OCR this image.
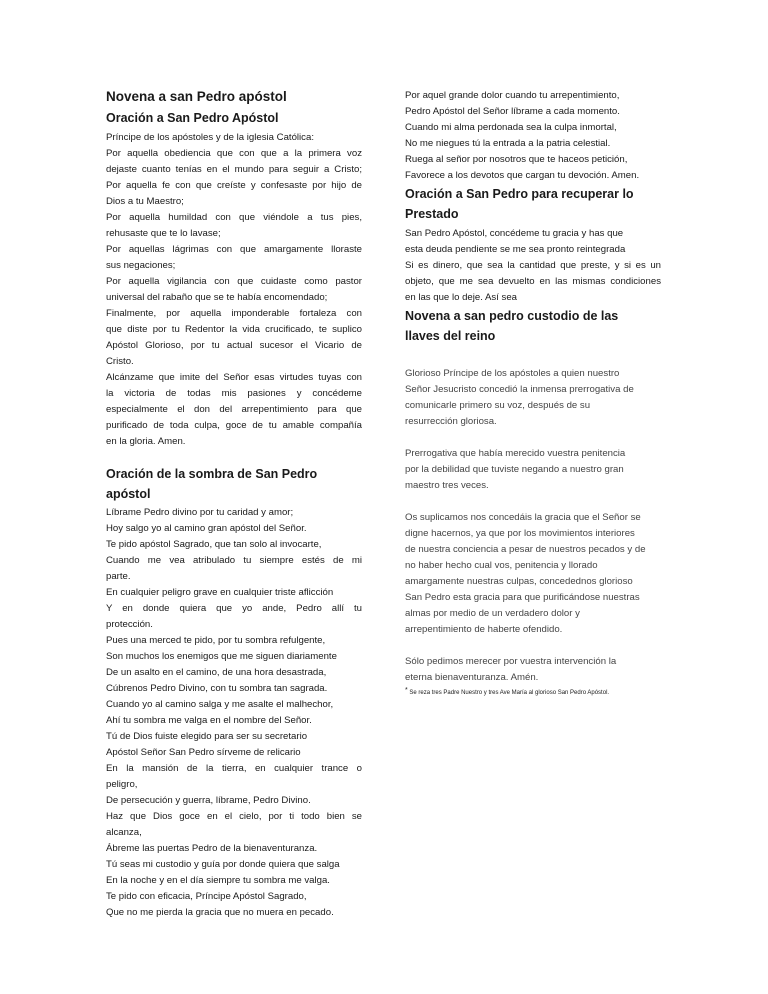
Novena a san Pedro apóstol
Oración a San Pedro Apóstol
Príncipe de los apóstoles y de la iglesia Católica:
Por aquella obediencia que con que a la primera voz
dejaste cuanto tenías en el mundo para seguir a Cristo;
Por aquella fe con que creíste y confesaste por hijo de
Dios a tu Maestro;
Por aquella humildad con que viéndole a tus pies,
rehusaste que te lo lavase;
Por aquellas lágrimas con que amargamente lloraste
sus negaciones;
Por aquella vigilancia con que cuidaste como pastor
universal del rabaño que se te había encomendado;
Finalmente, por aquella imponderable fortaleza con
que diste por tu Redentor la vida crucificado, te suplico
Apóstol Glorioso, por tu actual sucesor el Vicario de
Cristo.
Alcánzame que imite del Señor esas virtudes tuyas con
la victoria de todas mis pasiones y concédeme
especialmente el don del arrepentimiento para que
purificado de toda culpa, goce de tu amable compañía
en la gloria. Amen.
Oración de la sombra de San Pedro apóstol
Líbrame Pedro divino por tu caridad y amor;
Hoy salgo yo al camino gran apóstol del Señor.
Te pido apóstol Sagrado, que tan solo al invocarte,
Cuando me vea atribulado tu siempre estés de mi
parte.
En cualquier peligro grave en cualquier triste aflicción
Y en donde quiera que yo ande, Pedro allí tu
protección.
Pues una merced te pido, por tu sombra refulgente,
Son muchos los enemigos que me siguen diariamente
De un asalto en el camino, de una hora desastrada,
Cúbrenos Pedro Divino, con tu sombra tan sagrada.
Cuando yo al camino salga y me asalte el malhechor,
Ahí tu sombra me valga en el nombre del Señor.
Tú de Dios fuiste elegido para ser su secretario
Apóstol Señor San Pedro sírveme de relicario
En la mansión de la tierra, en cualquier trance o
peligro,
De persecución y guerra, líbrame, Pedro Divino.
Haz que Dios goce en el cielo, por ti todo bien se
alcanza,
Ábreme las puertas Pedro de la bienaventuranza.
Tú seas mi custodio y guía por donde quiera que salga
En la noche y en el día siempre tu sombra me valga.
Te pido con eficacia, Príncipe Apóstol Sagrado,
Que no me pierda la gracia que no muera en pecado.
Por aquel grande dolor cuando tu arrepentimiento,
Pedro Apóstol del Señor líbrame a cada momento.
Cuando mi alma perdonada sea la culpa inmortal,
No me niegues tú la entrada a la patria celestial.
Ruega al señor por nosotros que te haceos petición,
Favorece a los devotos que cargan tu devoción. Amen.
Oración a San Pedro para recuperar lo Prestado
San Pedro Apóstol, concédeme tu gracia y has que
esta deuda pendiente se me sea pronto reintegrada
Si es dinero, que sea la cantidad que preste, y si es un
objeto, que me sea devuelto en las mismas condiciones
en las que lo deje. Así sea
Novena a san pedro custodio de las llaves del reino
Glorioso Príncipe de los apóstoles a quien nuestro
Señor Jesucristo concedió la inmensa prerrogativa de
comunicarle primero su voz, después de su
resurrección gloriosa.
Prerrogativa que había merecido vuestra penitencia
por la debilidad que tuviste negando a nuestro gran
maestro tres veces.
Os suplicamos nos concedáis la gracia que el Señor se
digne hacernos, ya que por los movimientos interiores
de nuestra conciencia a pesar de nuestros pecados y de
no haber hecho cual vos, penitencia y llorado
amargamente nuestras culpas, concedednos glorioso
San Pedro esta gracia para que purificándose nuestras
almas por medio de un verdadero dolor y
arrepentimiento de haberte ofendido.
Sólo pedimos merecer por vuestra intervención la
eterna bienaventuranza. Amén.
* Se reza tres Padre Nuestro y tres Ave María al glorioso San Pedro Apóstol.
